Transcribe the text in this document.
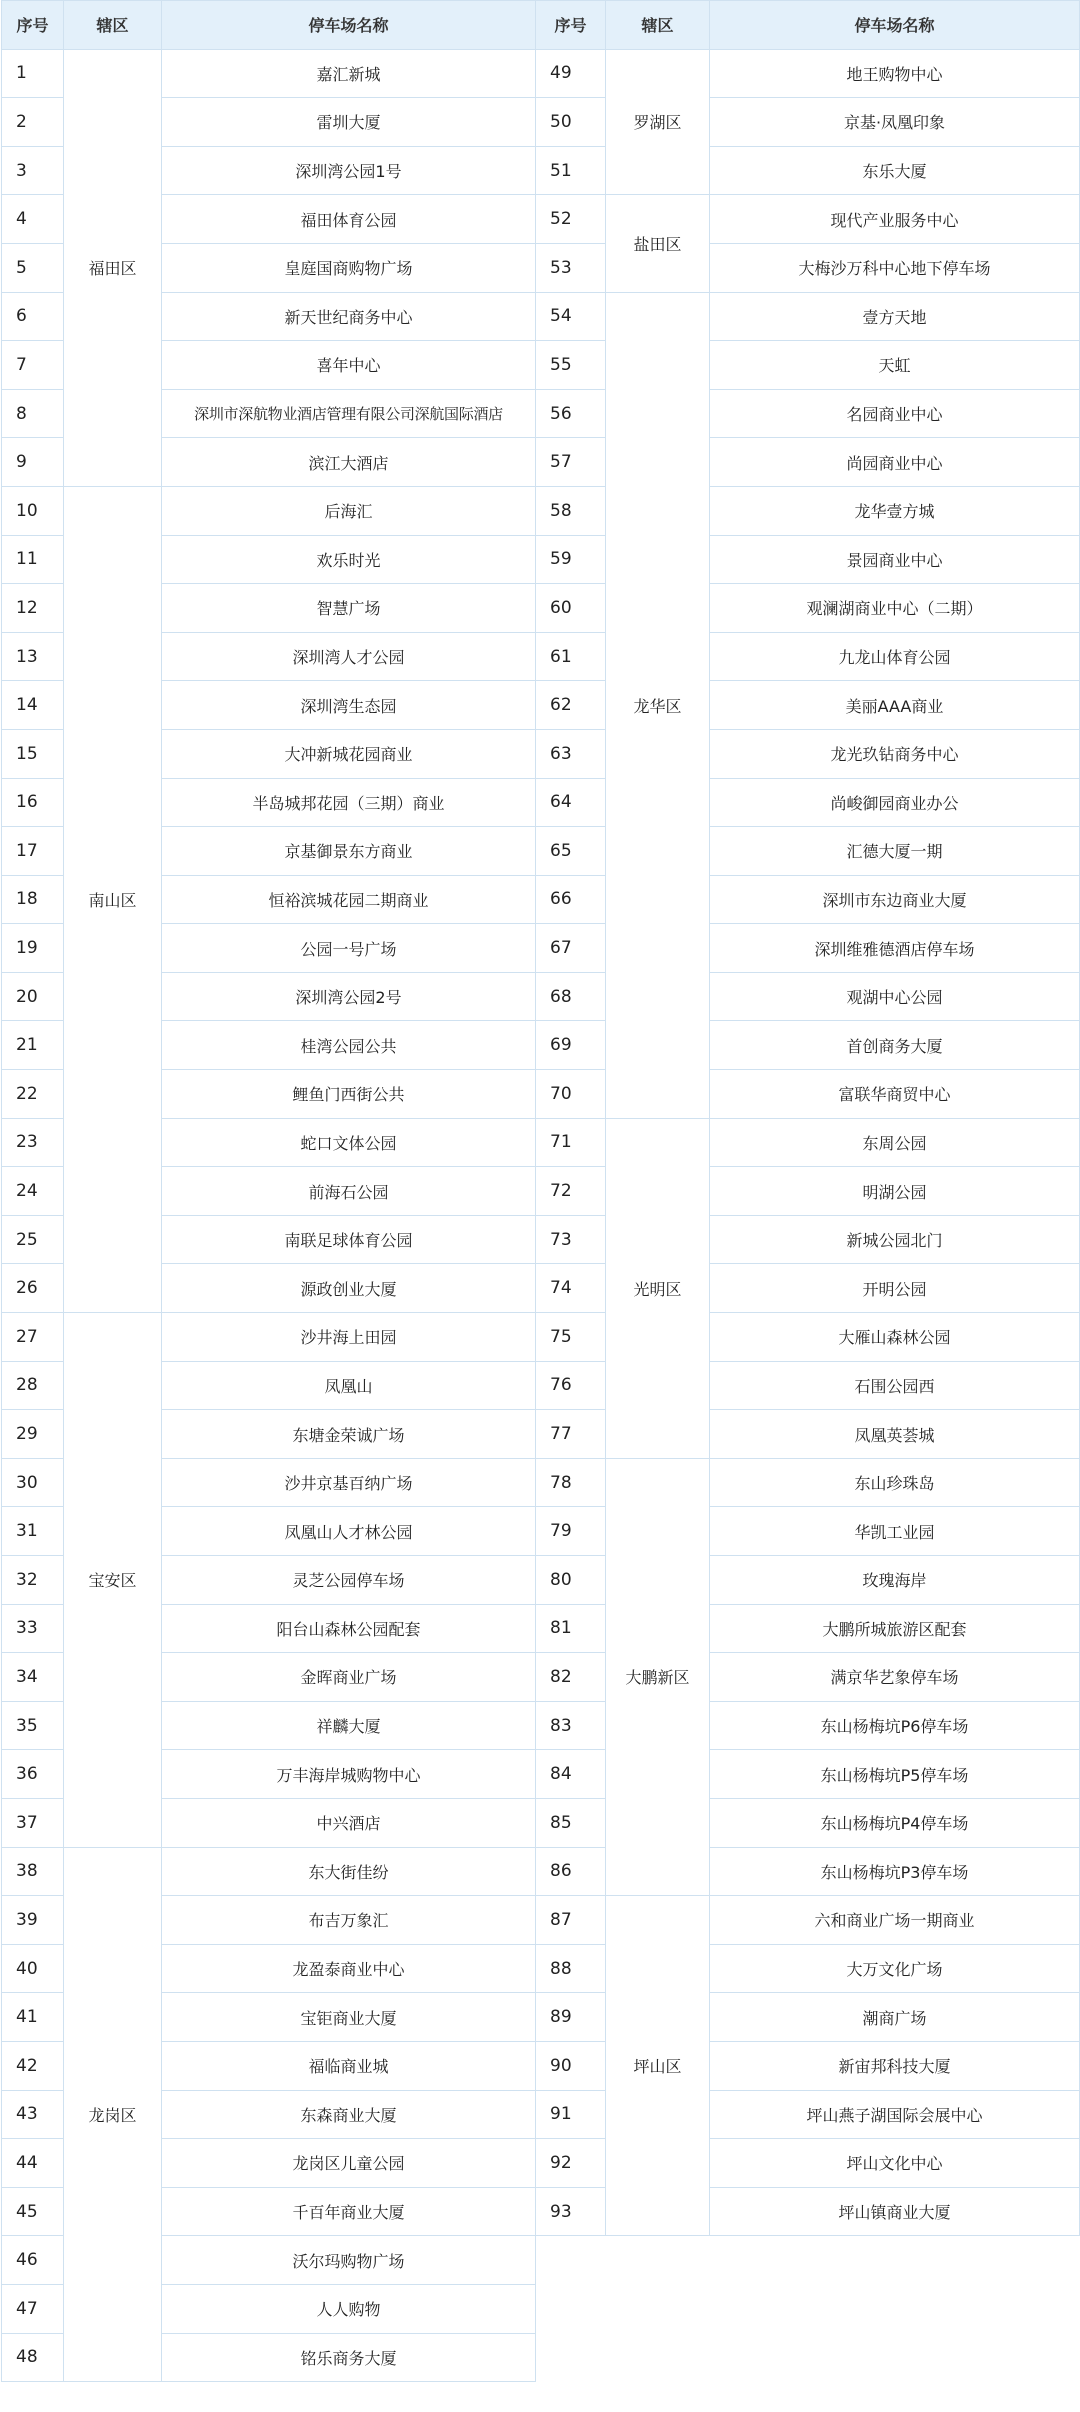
序号	辖区	停车场名称
1	福田区	嘉汇新城
2		雷圳大厦
3		深圳湾公园1号
4		福田体育公园
5		皇庭国商购物广场
6		新天世纪商务中心
7		喜年中心
8		深圳市深航物业酒店管理有限公司深航国际酒店
9		滨江大酒店
10	南山区	后海汇
11		欢乐时光
12		智慧广场
13		深圳湾人才公园
14		深圳湾生态园
15		大冲新城花园商业
16		半岛城邦花园（三期）商业
17		京基御景东方商业
18		恒裕滨城花园二期商业
19		公园一号广场
20		深圳湾公园2号
21		桂湾公园公共
22		鲤鱼门西街公共
23		蛇口文体公园
24		前海石公园
25		南联足球体育公园
26		源政创业大厦
27	宝安区	沙井海上田园
28		凤凰山
29		东塘金荣诚广场
30		沙井京基百纳广场
31		凤凰山人才林公园
32		灵芝公园停车场
33		阳台山森林公园配套
34		金晖商业广场
35		祥麟大厦
36		万丰海岸城购物中心
37		中兴酒店
38	龙岗区	东大街佳纷
39		布吉万象汇
40		龙盈泰商业中心
41		宝钜商业大厦
42		福临商业城
43		东森商业大厦
44		龙岗区儿童公园
45		千百年商业大厦
46		沃尔玛购物广场
47		人人购物
48		铭乐商务大厦
序号	辖区	停车场名称
49	罗湖区	地王购物中心
50		京基·凤凰印象
51		东乐大厦
52	盐田区	现代产业服务中心
53		大梅沙万科中心地下停车场
54	龙华区	壹方天地
55		天虹
56		名园商业中心
57		尚园商业中心
58		龙华壹方城
59		景园商业中心
60		观澜湖商业中心（二期）
61		九龙山体育公园
62		美丽AAA商业
63		龙光玖钻商务中心
64		尚峻御园商业办公
65		汇德大厦一期
66		深圳市东边商业大厦
67		深圳维雅德酒店停车场
68		观湖中心公园
69		首创商务大厦
70		富联华商贸中心
71	光明区	东周公园
72		明湖公园
73		新城公园北门
74		开明公园
75		大雁山森林公园
76		石围公园西
77		凤凰英荟城
78	大鹏新区	东山珍珠岛
79		华凯工业园
80		玫瑰海岸
81		大鹏所城旅游区配套
82		满京华艺象停车场
83		东山杨梅坑P6停车场
84		东山杨梅坑P5停车场
85		东山杨梅坑P4停车场
86		东山杨梅坑P3停车场
87	坪山区	六和商业广场一期商业
88		大万文化广场
89		潮商广场
90		新宙邦科技大厦
91		坪山燕子湖国际会展中心
92		坪山文化中心
93		坪山镇商业大厦
